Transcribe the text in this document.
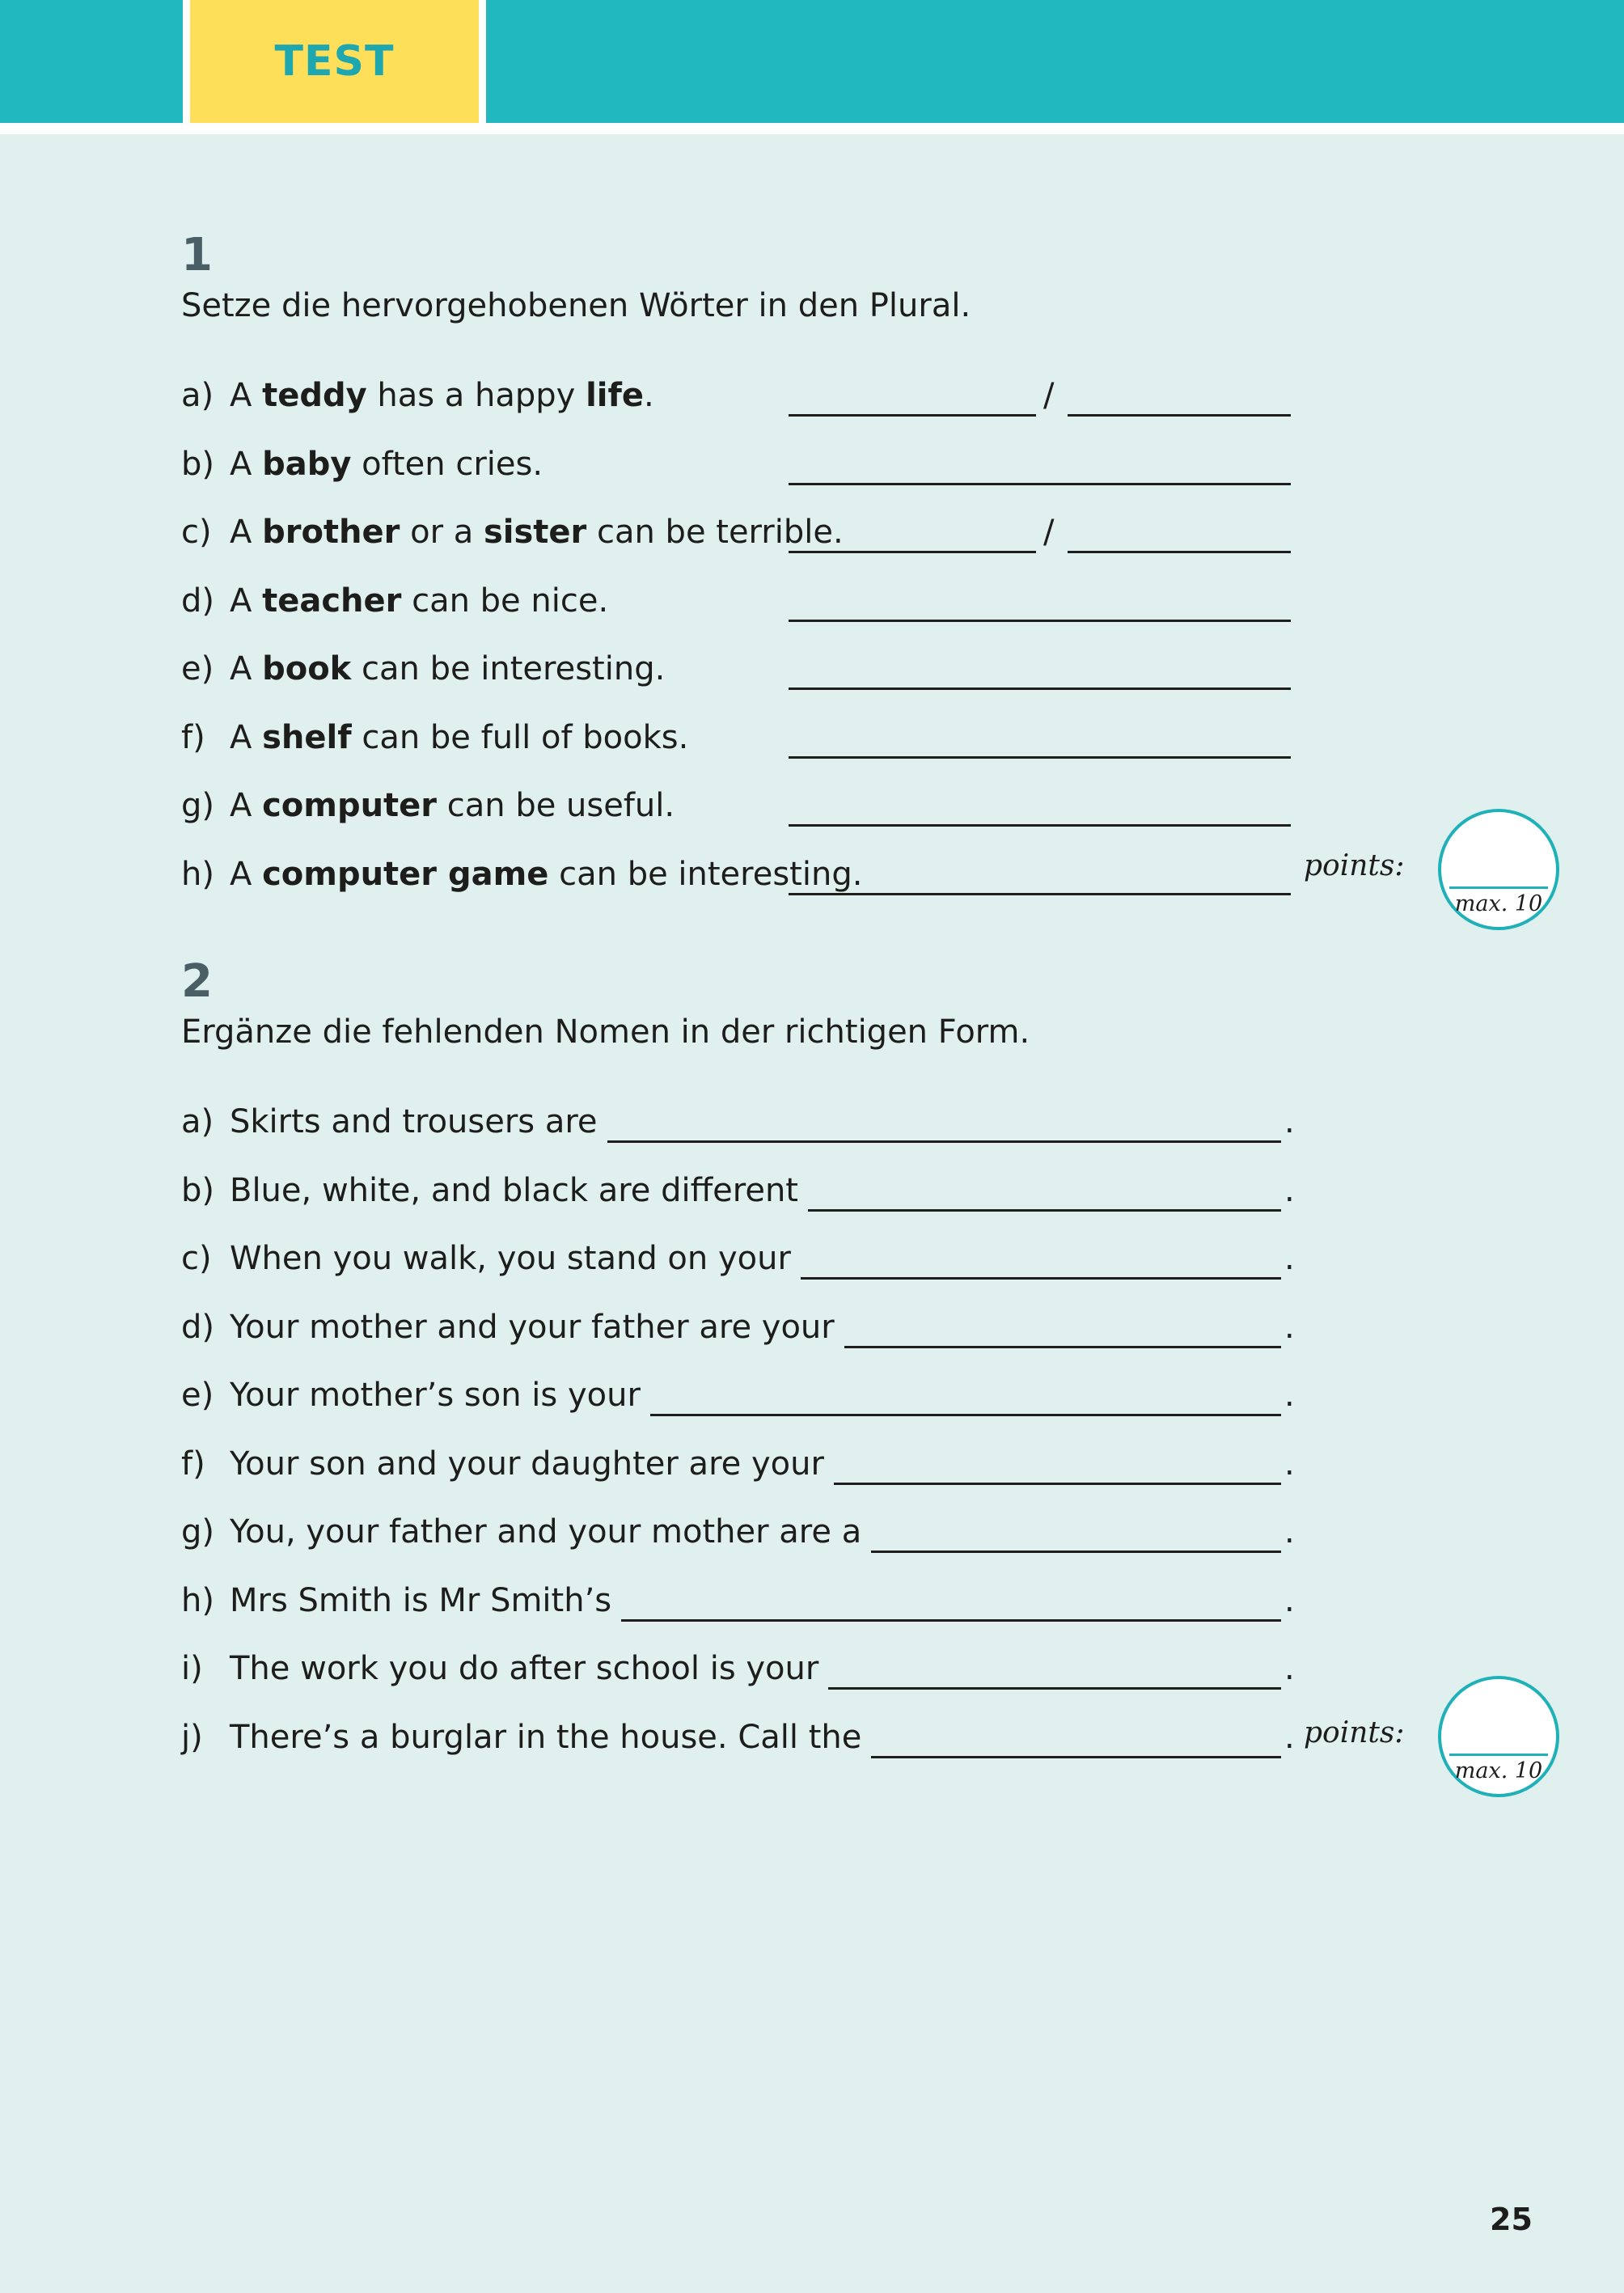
TEST
1
Setze die hervorgehobenen Wörter in den Plural.
a) A teddy has a happy life.
b) A baby often cries.
c) A brother or a sister can be terrible.
d) A teacher can be nice.
e) A book can be interesting.
f) A shelf can be full of books.
g) A computer can be useful.
h) A computer game can be interesting.
2
Ergänze die fehlenden Nomen in der richtigen Form.
a) Skirts and trousers are
b) Blue, white, and black are different
c) When you walk, you stand on your
d) Your mother and your father are your
e) Your mother’s son is your
f) Your son and your daughter are your
g) You, your father and your mother are a
h) Mrs Smith is Mr Smith’s
i) The work you do after school is your
j) There’s a burglar in the house. Call the
points:
max. 10
points:
max. 10
25
/
/
.
.
.
.
.
.
.
.
.
.
